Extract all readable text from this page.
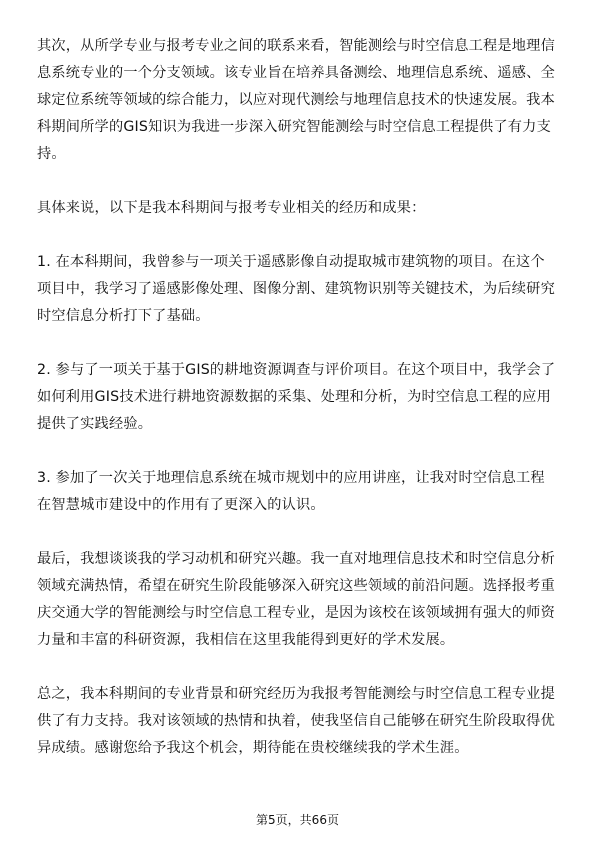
其次，从所学专业与报考专业之间的联系来看，智能测绘与时空信息工程是地理信息系统专业的一个分支领域。该专业旨在培养具备测绘、地理信息系统、遥感、全球定位系统等领域的综合能力，以应对现代测绘与地理信息技术的快速发展。我本科期间所学的GIS知识为我进一步深入研究智能测绘与时空信息工程提供了有力支持。

具体来说，以下是我本科期间与报考专业相关的经历和成果：

1. 在本科期间，我曾参与一项关于遥感影像自动提取城市建筑物的项目。在这个项目中，我学习了遥感影像处理、图像分割、建筑物识别等关键技术，为后续研究时空信息分析打下了基础。

2. 参与了一项关于基于GIS的耕地资源调查与评价项目。在这个项目中，我学会了如何利用GIS技术进行耕地资源数据的采集、处理和分析，为时空信息工程的应用提供了实践经验。

3. 参加了一次关于地理信息系统在城市规划中的应用讲座，让我对时空信息工程在智慧城市建设中的作用有了更深入的认识。

最后，我想谈谈我的学习动机和研究兴趣。我一直对地理信息技术和时空信息分析领域充满热情，希望在研究生阶段能够深入研究这些领域的前沿问题。选择报考重庆交通大学的智能测绘与时空信息工程专业，是因为该校在该领域拥有强大的师资力量和丰富的科研资源，我相信在这里我能得到更好的学术发展。

总之，我本科期间的专业背景和研究经历为我报考智能测绘与时空信息工程专业提供了有力支持。我对该领域的热情和执着，使我坚信自己能够在研究生阶段取得优异成绩。感谢您给予我这个机会，期待能在贵校继续我的学术生涯。

第5页，共66页
